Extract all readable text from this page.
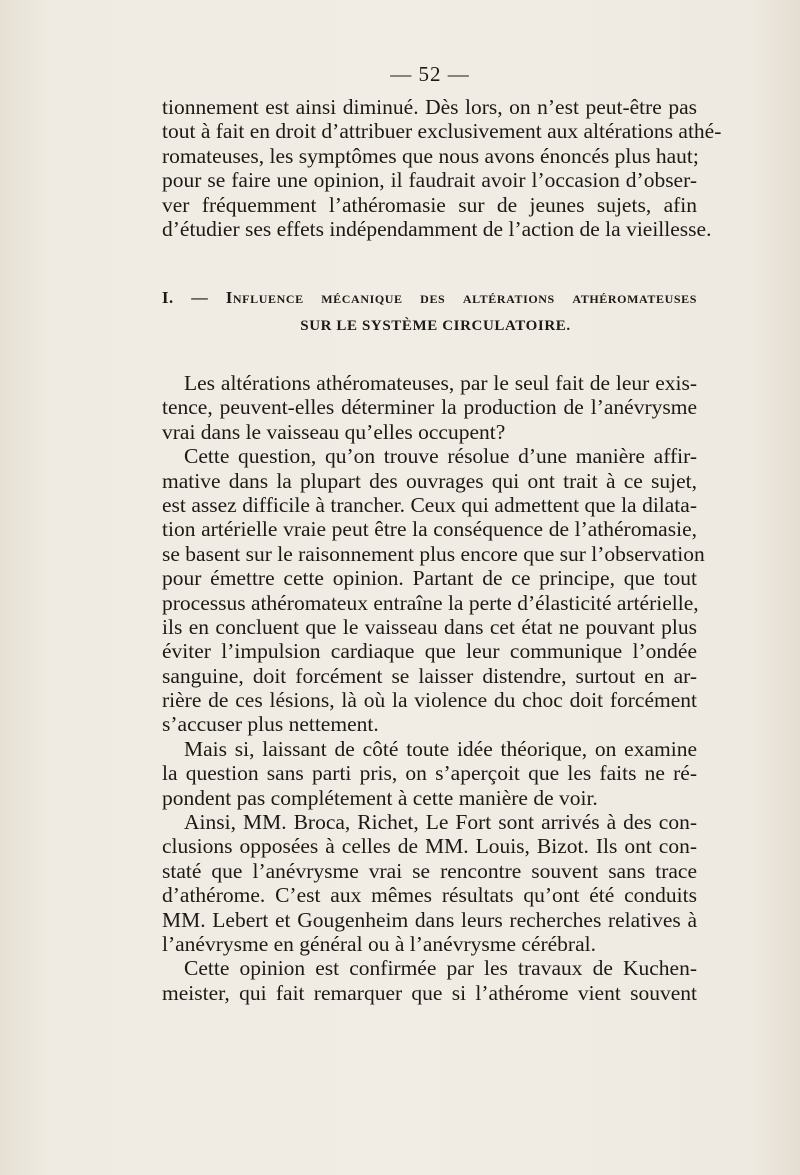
— 52 —
tionnement est ainsi diminué. Dès lors, on n’est peut-être pas
tout à fait en droit d’attribuer exclusivement aux altérations athé-
romateuses, les symptômes que nous avons énoncés plus haut;
pour se faire une opinion, il faudrait avoir l’occasion d’obser-
ver fréquemment l’athéromasie sur de jeunes sujets, afin
d’étudier ses effets indépendamment de l’action de la vieillesse.
I. — Influence mécanique des altérations athéromateuses
SUR LE SYSTÈME CIRCULATOIRE.
Les altérations athéromateuses, par le seul fait de leur exis-
tence, peuvent-elles déterminer la production de l’anévrysme
vrai dans le vaisseau qu’elles occupent?
Cette question, qu’on trouve résolue d’une manière affir-
mative dans la plupart des ouvrages qui ont trait à ce sujet,
est assez difficile à trancher. Ceux qui admettent que la dilata-
tion artérielle vraie peut être la conséquence de l’athéromasie,
se basent sur le raisonnement plus encore que sur l’observation
pour émettre cette opinion. Partant de ce principe, que tout
processus athéromateux entraîne la perte d’élasticité artérielle,
ils en concluent que le vaisseau dans cet état ne pouvant plus
éviter l’impulsion cardiaque que leur communique l’ondée
sanguine, doit forcément se laisser distendre, surtout en ar-
rière de ces lésions, là où la violence du choc doit forcément
s’accuser plus nettement.
Mais si, laissant de côté toute idée théorique, on examine
la question sans parti pris, on s’aperçoit que les faits ne ré-
pondent pas complétement à cette manière de voir.
Ainsi, MM. Broca, Richet, Le Fort sont arrivés à des con-
clusions opposées à celles de MM. Louis, Bizot. Ils ont con-
staté que l’anévrysme vrai se rencontre souvent sans trace
d’athérome. C’est aux mêmes résultats qu’ont été conduits
MM. Lebert et Gougenheim dans leurs recherches relatives à
l’anévrysme en général ou à l’anévrysme cérébral.
Cette opinion est confirmée par les travaux de Kuchen-
meister, qui fait remarquer que si l’athérome vient souvent
